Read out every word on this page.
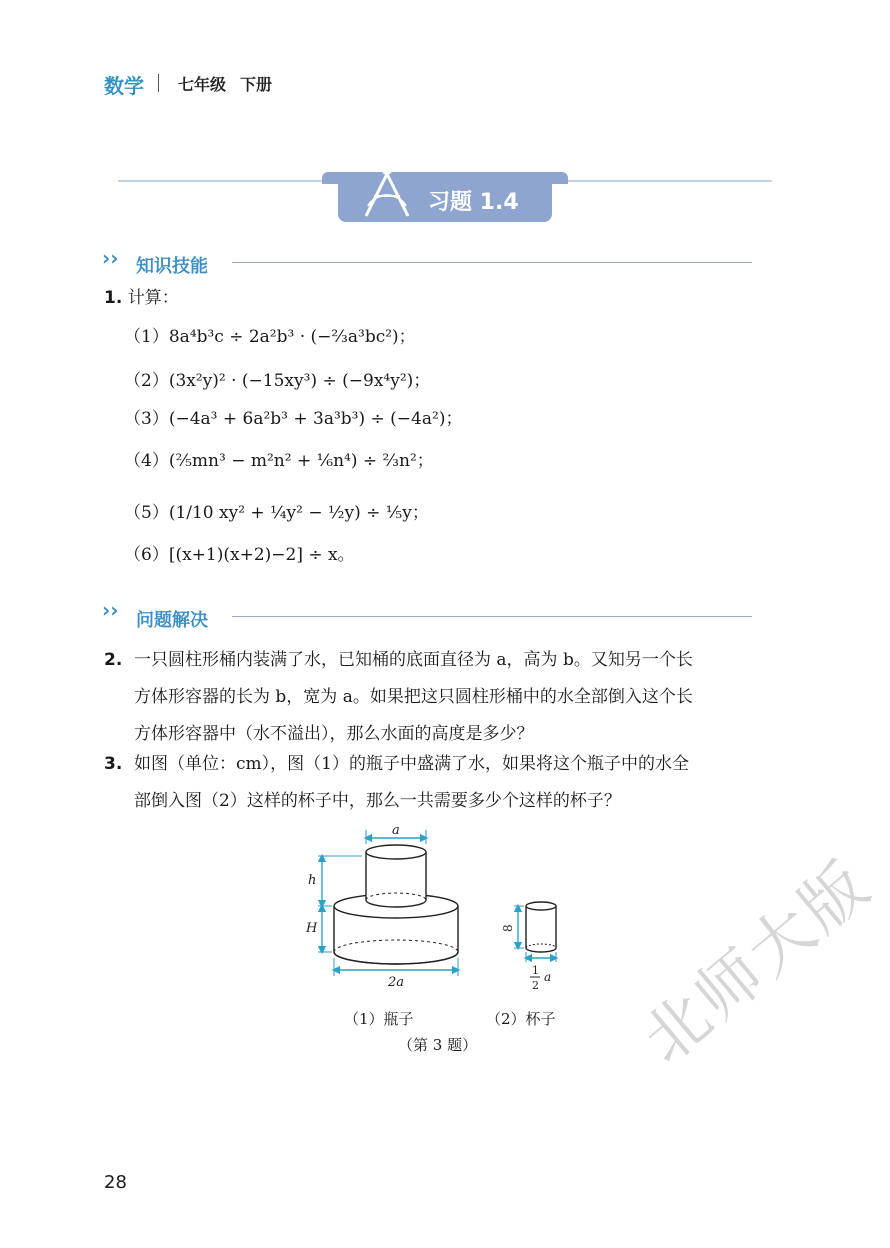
数学 七年级 下册
习题 1.4
›› 知识技能
1. 计算：
（1）8a⁴b³c ÷ 2a²b³ · (−⅔a³bc²)；
（2）(3x²y)² · (−15xy³) ÷ (−9x⁴y²)；
（3）(−4a³ + 6a²b³ + 3a³b³) ÷ (−4a²)；
（4）(⅖mn³ − m²n² + ⅙n⁴) ÷ ⅔n²；
（5）(1/10 xy² + ¼y² − ½y) ÷ ⅕y；
（6）[(x+1)(x+2)−2] ÷ x。
›› 问题解决
2. 一只圆柱形桶内装满了水，已知桶的底面直径为 a，高为 b。又知另一个长
方体形容器的长为 b，宽为 a。如果把这只圆柱形桶中的水全部倒入这个长
方体形容器中（水不溢出），那么水面的高度是多少？
3. 如图（单位：cm），图（1）的瓶子中盛满了水，如果将这个瓶子中的水全
部倒入图（2）这样的杯子中，那么一共需要多少个这样的杯子？
a
h
H
2a
8
1
2
a
（1）瓶子	（2）杯子
（第 3 题） 北师大版
28
